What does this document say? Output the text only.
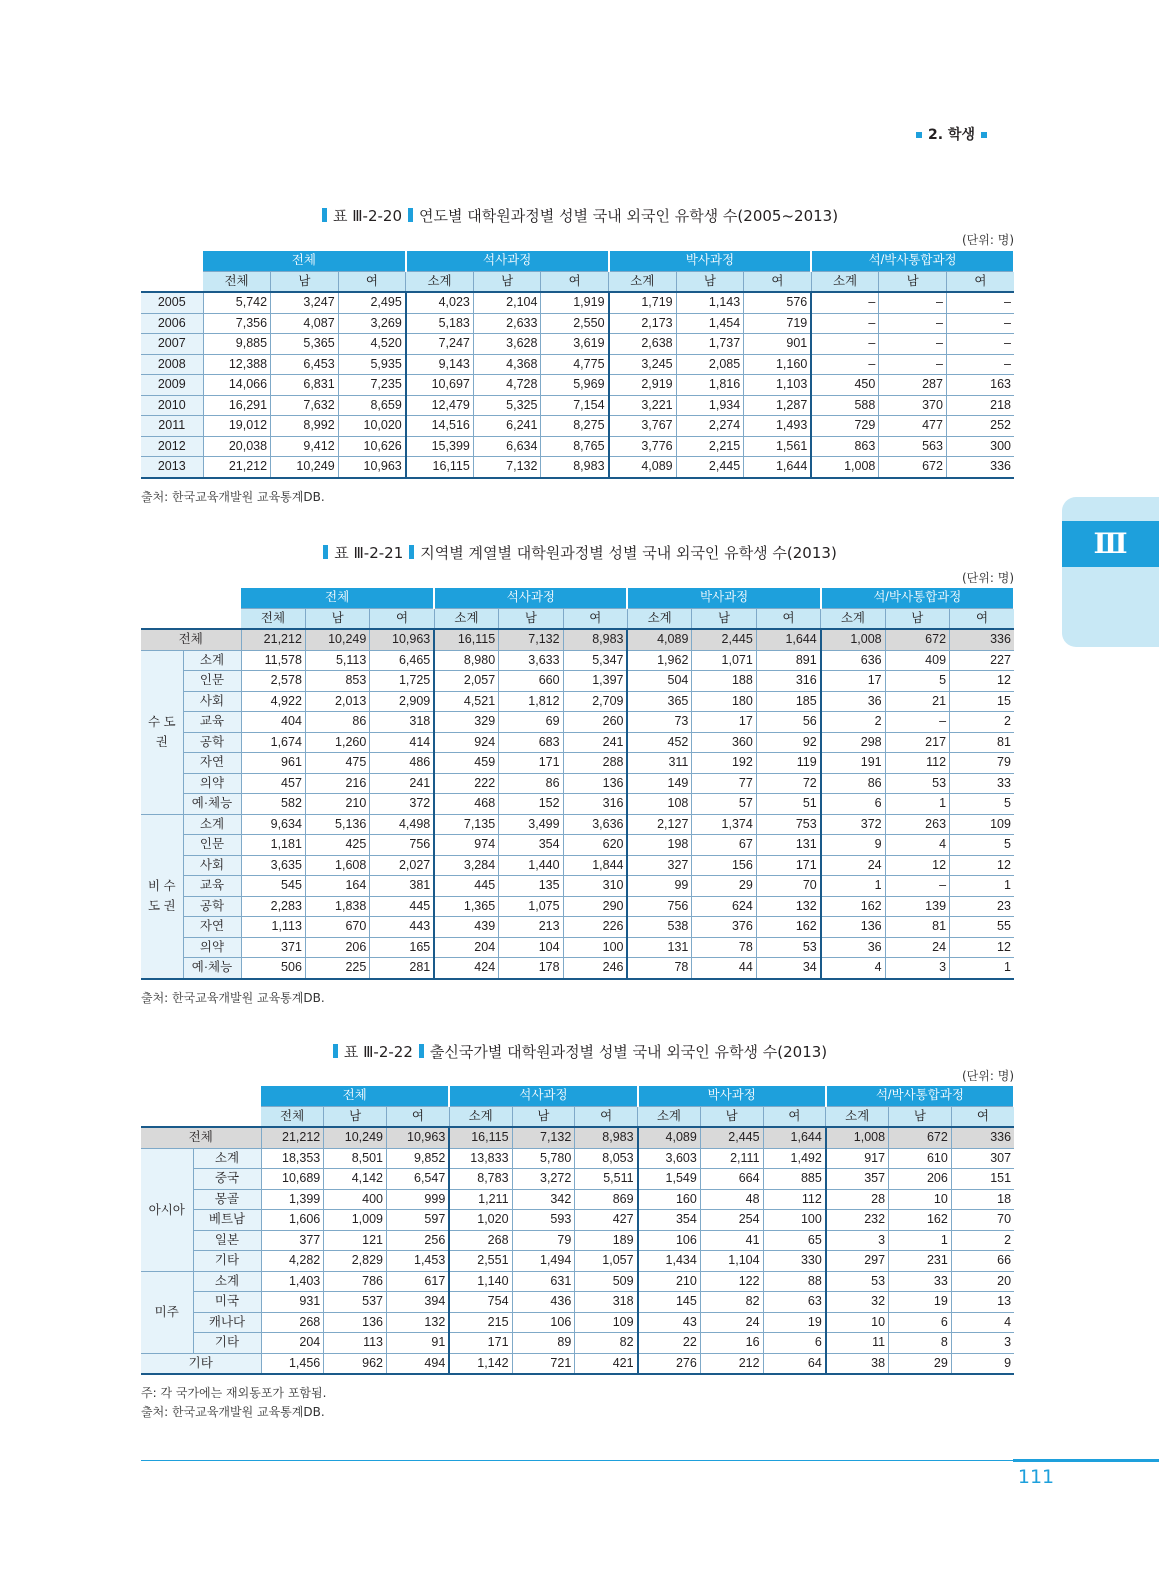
2. 학생
Ⅲ
표 Ⅲ-2-20 연도별 대학원과정별 성별 국내 외국인 유학생 수(2005~2013)
(단위: 명)
	전체			석사과정			박사과정			석/박사통합과정		
	전체	남	여	소계	남	여	소계	남	여	소계	남	여
2005	5,742	3,247	2,495	4,023	2,104	1,919	1,719	1,143	576	–	–	–
2006	7,356	4,087	3,269	5,183	2,633	2,550	2,173	1,454	719	–	–	–
2007	9,885	5,365	4,520	7,247	3,628	3,619	2,638	1,737	901	–	–	–
2008	12,388	6,453	5,935	9,143	4,368	4,775	3,245	2,085	1,160	–	–	–
2009	14,066	6,831	7,235	10,697	4,728	5,969	2,919	1,816	1,103	450	287	163
2010	16,291	7,632	8,659	12,479	5,325	7,154	3,221	1,934	1,287	588	370	218
2011	19,012	8,992	10,020	14,516	6,241	8,275	3,767	2,274	1,493	729	477	252
2012	20,038	9,412	10,626	15,399	6,634	8,765	3,776	2,215	1,561	863	563	300
2013	21,212	10,249	10,963	16,115	7,132	8,983	4,089	2,445	1,644	1,008	672	336
출처: 한국교육개발원 교육통계DB.
표 Ⅲ-2-21 지역별 계열별 대학원과정별 성별 국내 외국인 유학생 수(2013)
(단위: 명)
		전체			석사과정			박사과정			석/박사통합과정		
		전체	남	여	소계	남	여	소계	남	여	소계	남	여
전체		21,212	10,249	10,963	16,115	7,132	8,983	4,089	2,445	1,644	1,008	672	336
수 도 권	소계	11,578	5,113	6,465	8,980	3,633	5,347	1,962	1,071	891	636	409	227
	인문	2,578	853	1,725	2,057	660	1,397	504	188	316	17	5	12
	사회	4,922	2,013	2,909	4,521	1,812	2,709	365	180	185	36	21	15
	교육	404	86	318	329	69	260	73	17	56	2	–	2
	공학	1,674	1,260	414	924	683	241	452	360	92	298	217	81
	자연	961	475	486	459	171	288	311	192	119	191	112	79
	의약	457	216	241	222	86	136	149	77	72	86	53	33
	예·체능	582	210	372	468	152	316	108	57	51	6	1	5
비 수 도 권	소계	9,634	5,136	4,498	7,135	3,499	3,636	2,127	1,374	753	372	263	109
	인문	1,181	425	756	974	354	620	198	67	131	9	4	5
	사회	3,635	1,608	2,027	3,284	1,440	1,844	327	156	171	24	12	12
	교육	545	164	381	445	135	310	99	29	70	1	–	1
	공학	2,283	1,838	445	1,365	1,075	290	756	624	132	162	139	23
	자연	1,113	670	443	439	213	226	538	376	162	136	81	55
	의약	371	206	165	204	104	100	131	78	53	36	24	12
	예·체능	506	225	281	424	178	246	78	44	34	4	3	1
출처: 한국교육개발원 교육통계DB.
표 Ⅲ-2-22 출신국가별 대학원과정별 성별 국내 외국인 유학생 수(2013)
(단위: 명)
		전체			석사과정			박사과정			석/박사통합과정		
		전체	남	여	소계	남	여	소계	남	여	소계	남	여
전체		21,212	10,249	10,963	16,115	7,132	8,983	4,089	2,445	1,644	1,008	672	336
아시아	소계	18,353	8,501	9,852	13,833	5,780	8,053	3,603	2,111	1,492	917	610	307
	중국	10,689	4,142	6,547	8,783	3,272	5,511	1,549	664	885	357	206	151
	몽골	1,399	400	999	1,211	342	869	160	48	112	28	10	18
	베트남	1,606	1,009	597	1,020	593	427	354	254	100	232	162	70
	일본	377	121	256	268	79	189	106	41	65	3	1	2
	기타	4,282	2,829	1,453	2,551	1,494	1,057	1,434	1,104	330	297	231	66
미주	소계	1,403	786	617	1,140	631	509	210	122	88	53	33	20
	미국	931	537	394	754	436	318	145	82	63	32	19	13
	캐나다	268	136	132	215	106	109	43	24	19	10	6	4
	기타	204	113	91	171	89	82	22	16	6	11	8	3
기타		1,456	962	494	1,142	721	421	276	212	64	38	29	9
주: 각 국가에는 재외동포가 포함됨.
출처: 한국교육개발원 교육통계DB.
111
